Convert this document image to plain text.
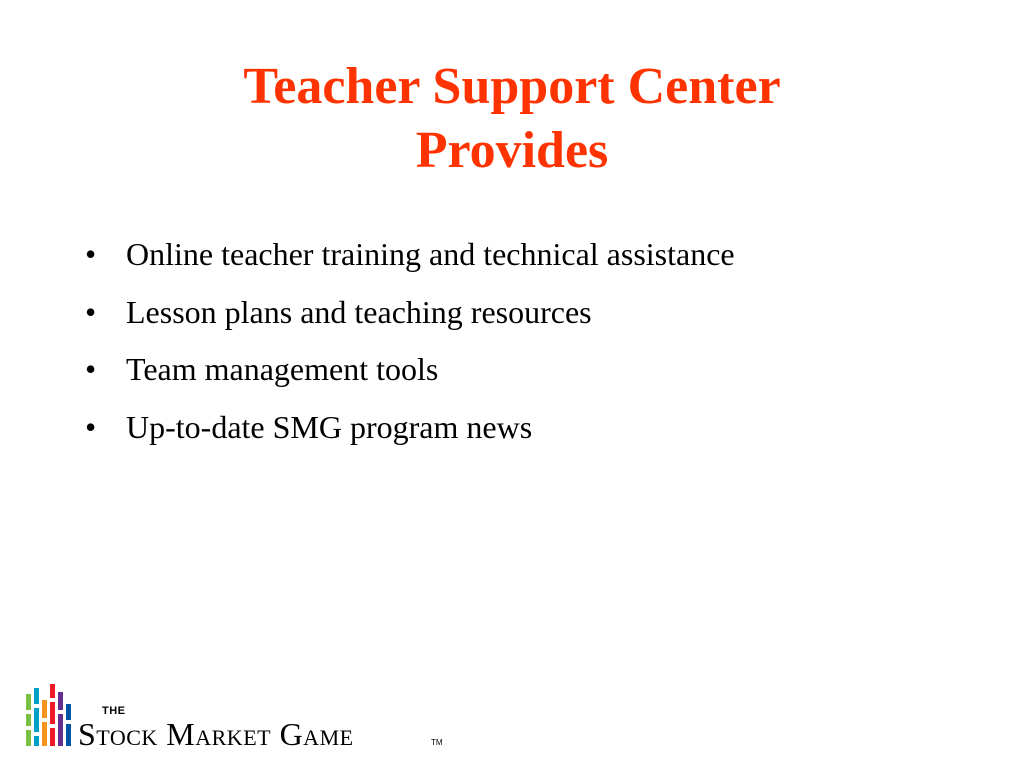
Teacher Support Center
Provides
• Online teacher training and technical assistance
• Lesson plans and teaching resources
• Team management tools
• Up-to-date SMG program news
THE
Stock Market Game	TM
